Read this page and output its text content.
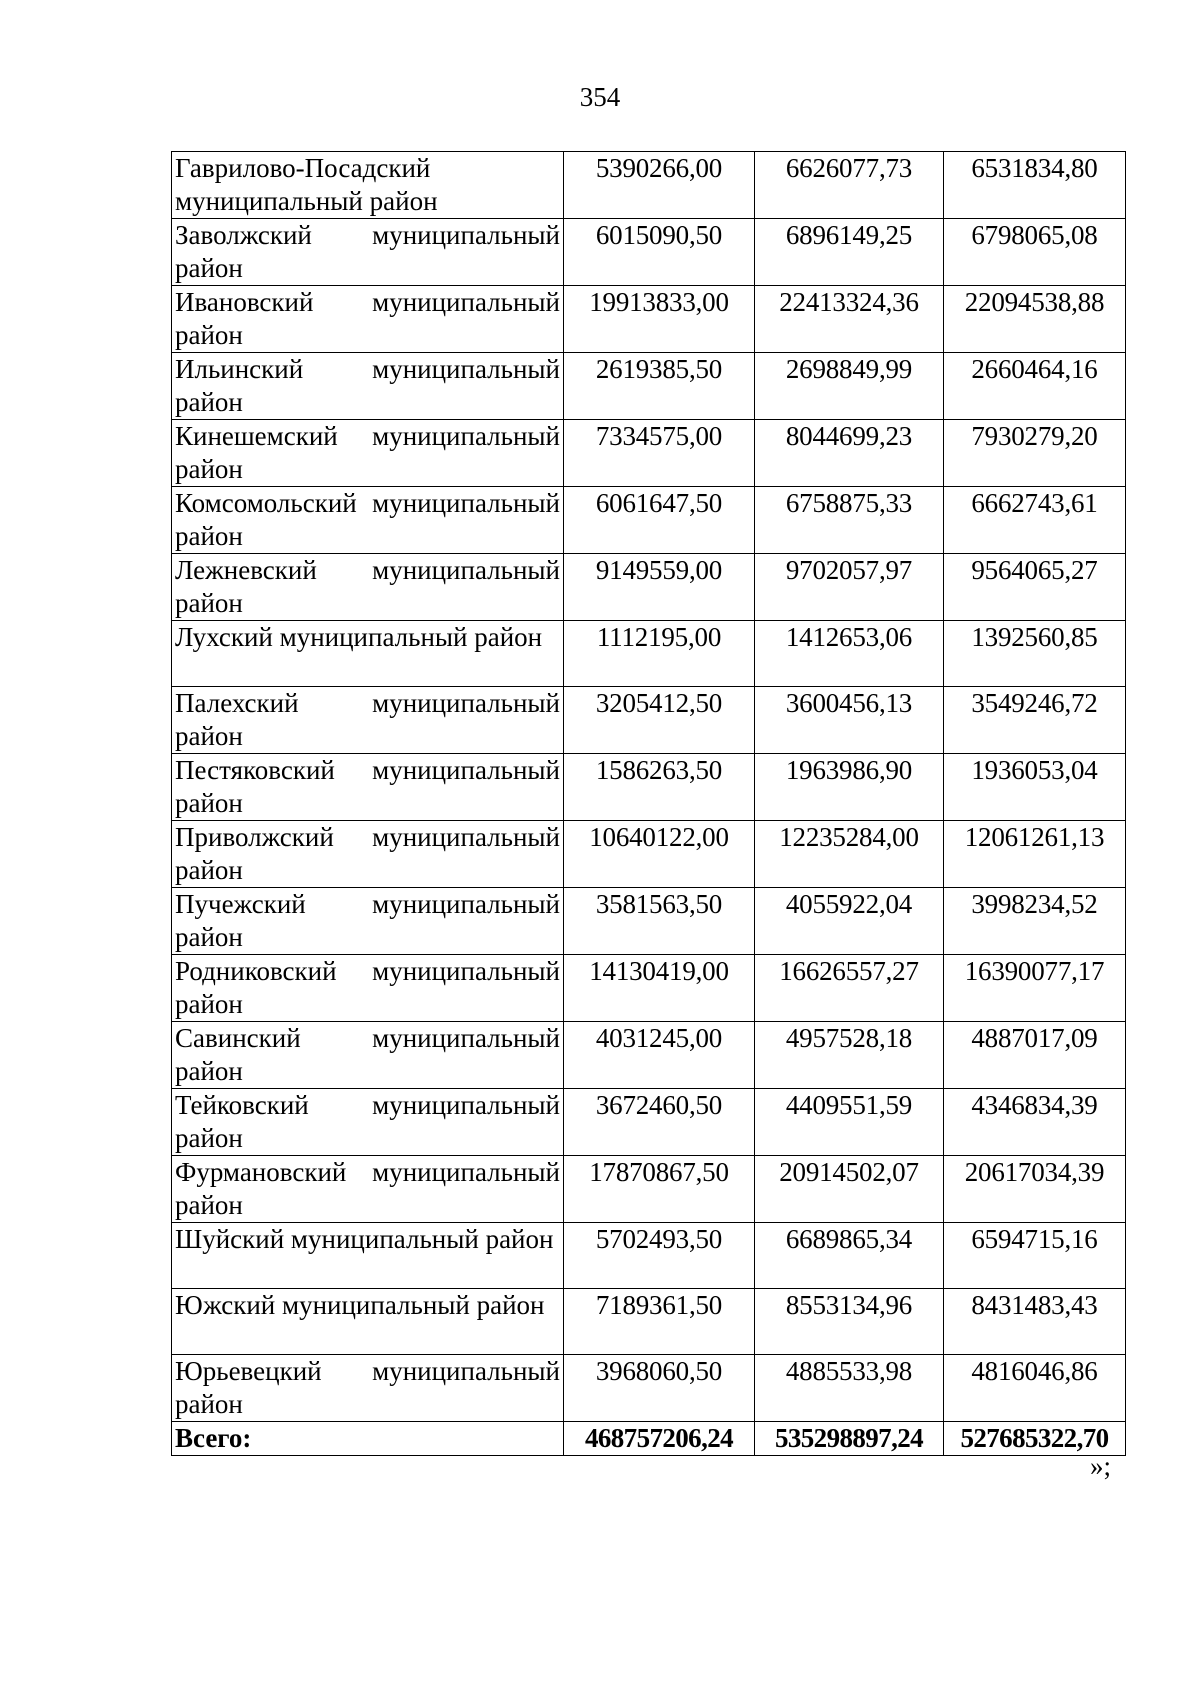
354
Гаврилово-Посадский муниципальный район	5390266,00	6626077,73	6531834,80
Заволжский муниципальный район	6015090,50	6896149,25	6798065,08
Ивановский муниципальный район	19913833,00	22413324,36	22094538,88
Ильинский муниципальный район	2619385,50	2698849,99	2660464,16
Кинешемский муниципальный район	7334575,00	8044699,23	7930279,20
Комсомольский муниципальный район	6061647,50	6758875,33	6662743,61
Лежневский муниципальный район	9149559,00	9702057,97	9564065,27
Лухский муниципальный район	1112195,00	1412653,06	1392560,85
Палехский муниципальный район	3205412,50	3600456,13	3549246,72
Пестяковский муниципальный район	1586263,50	1963986,90	1936053,04
Приволжский муниципальный район	10640122,00	12235284,00	12061261,13
Пучежский муниципальный район	3581563,50	4055922,04	3998234,52
Родниковский муниципальный район	14130419,00	16626557,27	16390077,17
Савинский муниципальный район	4031245,00	4957528,18	4887017,09
Тейковский муниципальный район	3672460,50	4409551,59	4346834,39
Фурмановский муниципальный район	17870867,50	20914502,07	20617034,39
Шуйский муниципальный район	5702493,50	6689865,34	6594715,16
Южский муниципальный район	7189361,50	8553134,96	8431483,43
Юрьевецкий муниципальный район	3968060,50	4885533,98	4816046,86
Всего:	468757206,24	535298897,24	527685322,70
»;
